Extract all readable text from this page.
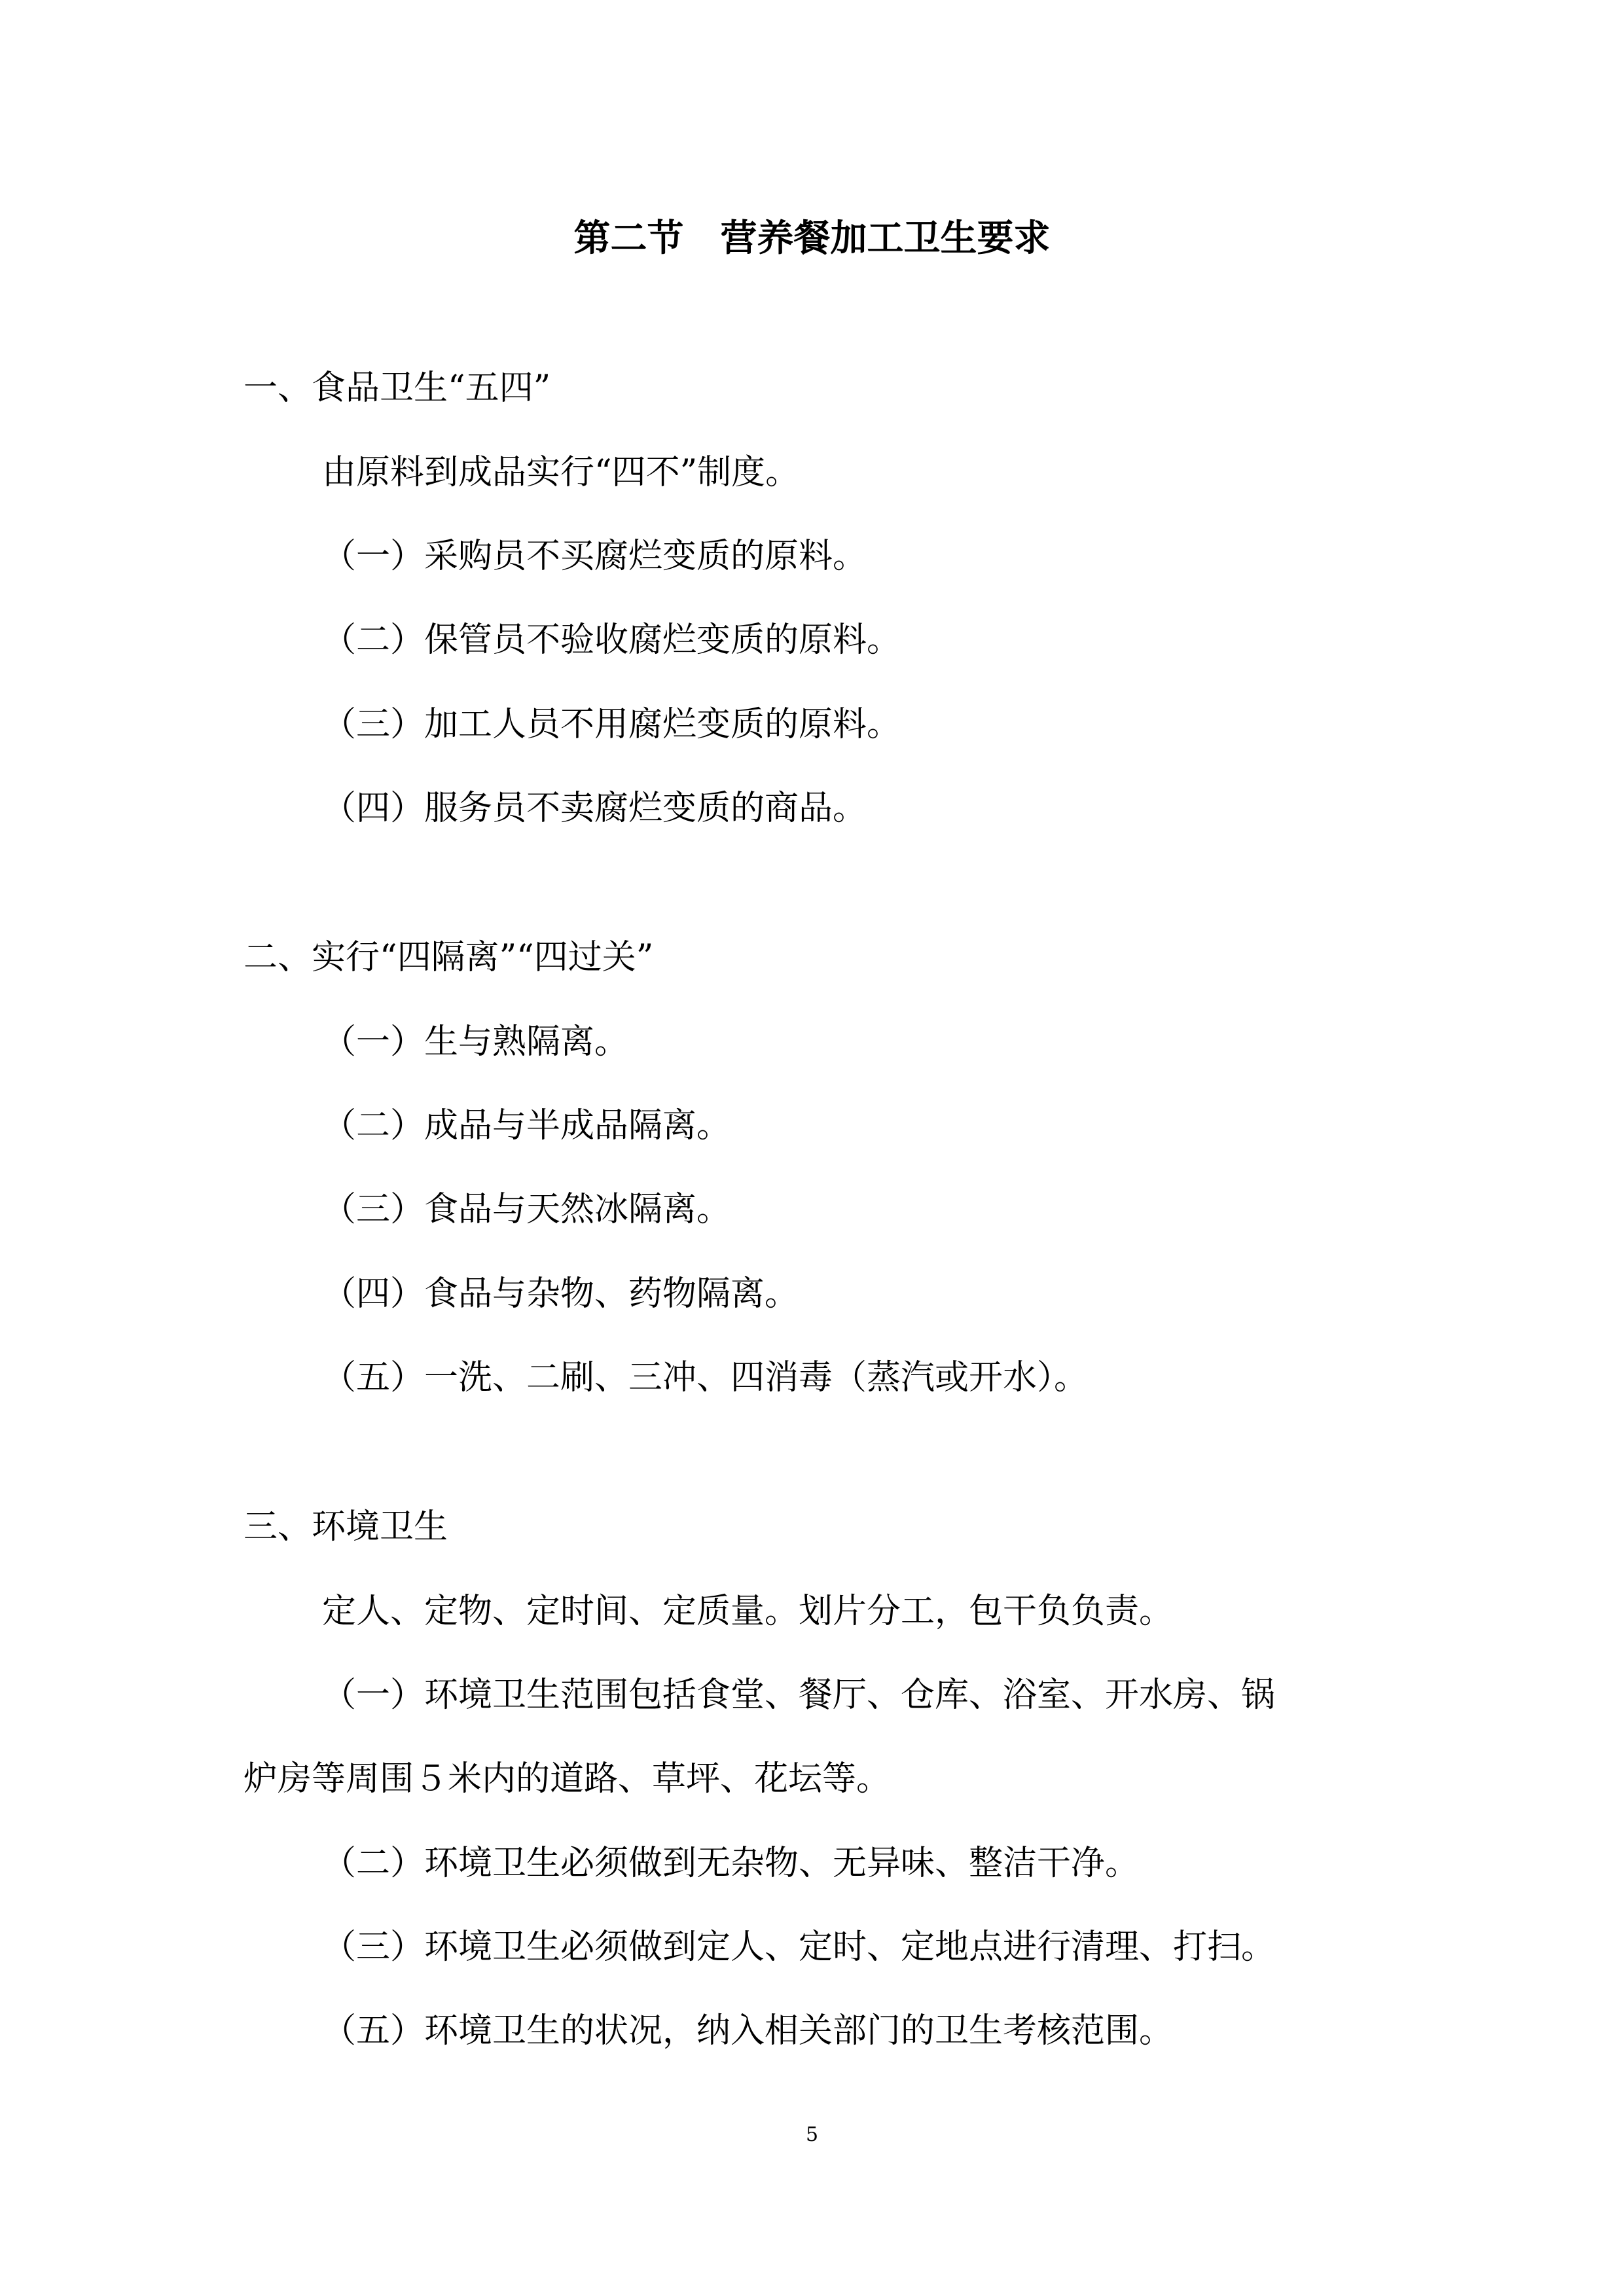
第二节　营养餐加工卫生要求
一、食品卫生“五四”
由原料到成品实行“四不”制度。
（一）采购员不买腐烂变质的原料。
（二）保管员不验收腐烂变质的原料。
（三）加工人员不用腐烂变质的原料。
（四）服务员不卖腐烂变质的商品。
二、实行“四隔离”“四过关”
（一）生与熟隔离。
（二）成品与半成品隔离。
（三）食品与天然冰隔离。
（四）食品与杂物、药物隔离。
（五）一洗、二刷、三冲、四消毒（蒸汽或开水）。
三、环境卫生
定人、定物、定时间、定质量。划片分工，包干负负责。
（一）环境卫生范围包括食堂、餐厅、仓库、浴室、开水房、锅
炉房等周围５米内的道路、草坪、花坛等。
（二）环境卫生必须做到无杂物、无异味、整洁干净。
（三）环境卫生必须做到定人、定时、定地点进行清理、打扫。
（五）环境卫生的状况，纳入相关部门的卫生考核范围。
5
